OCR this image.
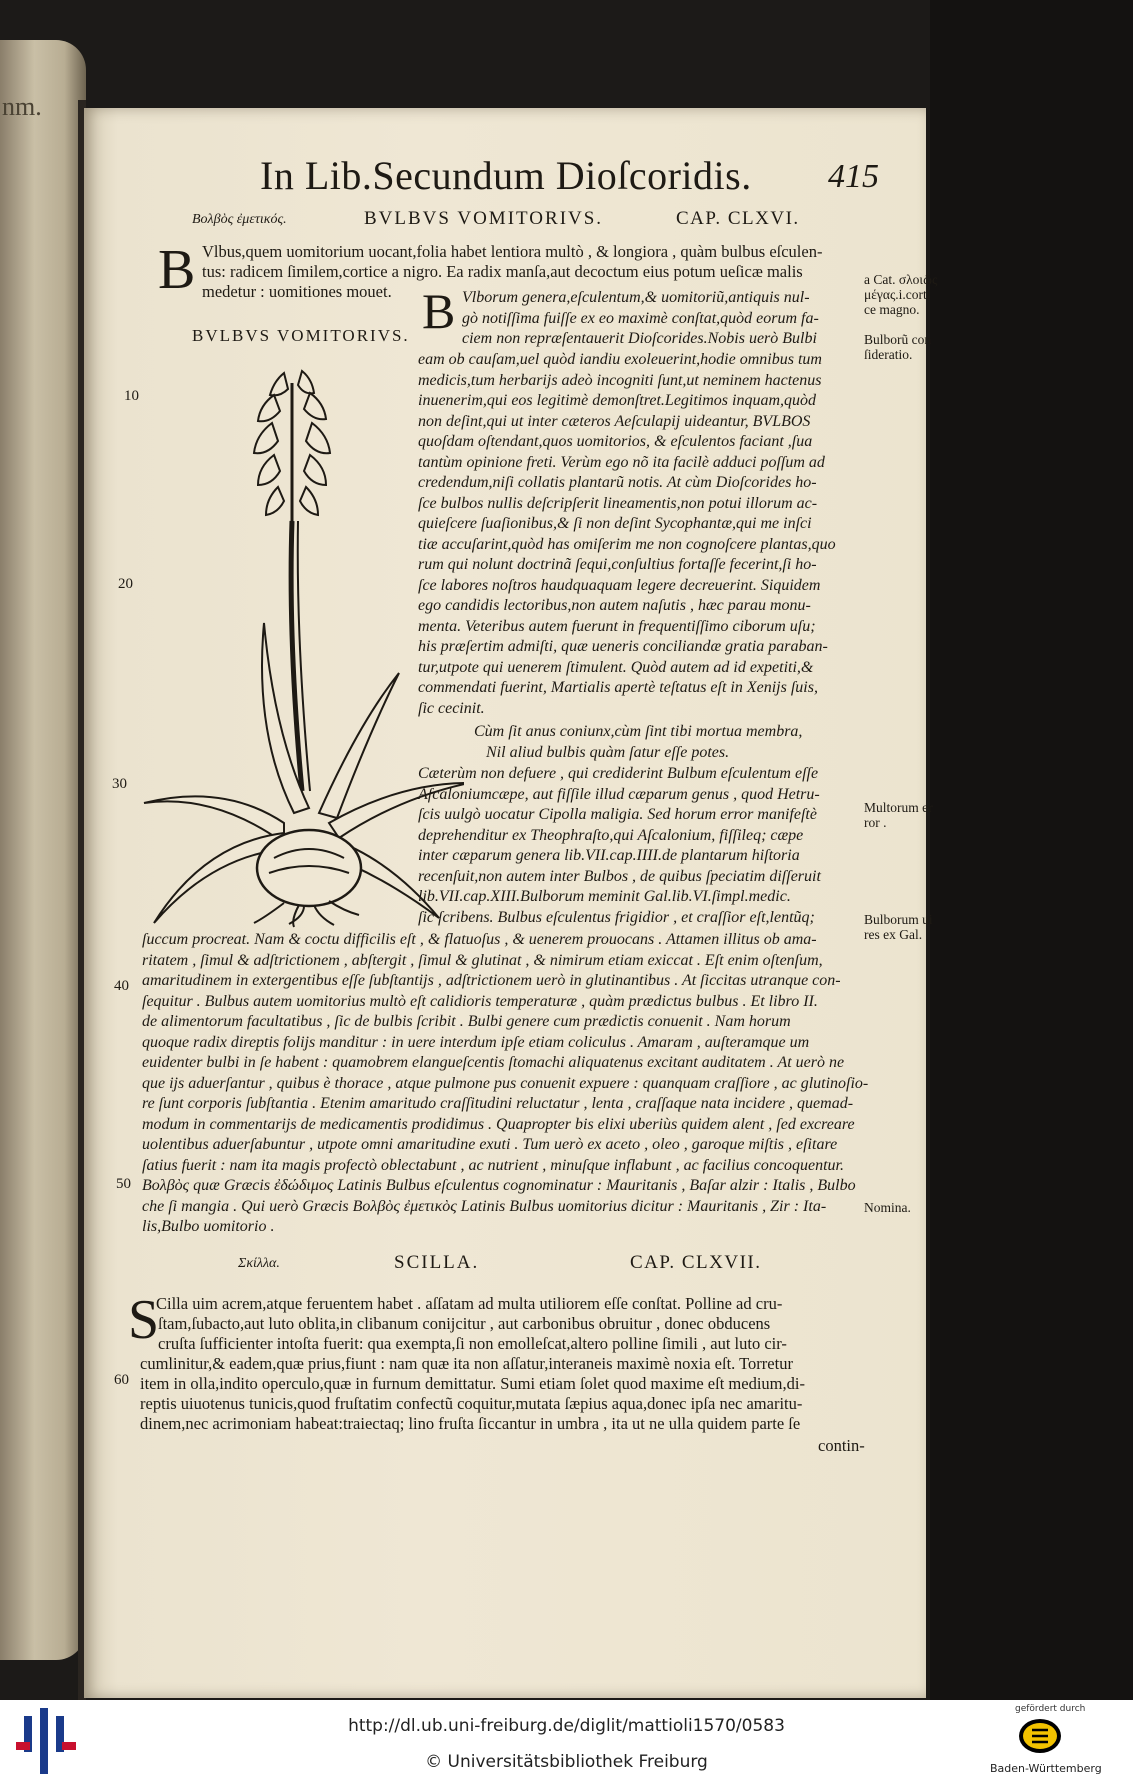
nm.
In Lib.Secundum Dioſcoridis. 415
Βολβὸς ἐμετικός.	BVLBVS VOMITORIVS.	CAP. CLXVI.
B Vlbus,quem uomitorium uocant,folia habet lentiora multò , & longiora , quàm bulbus eſculen-
tus: radicem ſimilem,cortice a nigro. Ea radix manſa,aut decoctum eius potum ueſicæ malis
medetur : uomitiones mouet.
BVLBVS VOMITORIVS. B Vlborum genera,eſculentum,& uomitoriũ,antiquis nul-
gò notiſſima fuiſſe ex eo maximè conſtat,quòd eorum fa-
ciem non repræſentauerit Dioſcorides.Nobis uerò Bulbi
eam ob cauſam,uel quòd iandiu exoleuerint,hodie omnibus tum
medicis,tum herbarijs adeò incogniti ſunt,ut neminem hactenus
inuenerim,qui eos legitimè demonſtret.Legitimos inquam,quòd
non deſint,qui ut inter cæteros Aeſculapij uideantur, BVLBOS
quoſdam oſtendant,quos uomitorios, & eſculentos faciant ,ſua
tantùm opinione freti. Verùm ego nõ ita facilè adduci poſſum ad
credendum,niſi collatis plantarũ notis. At cùm Dioſcorides ho-
ſce bulbos nullis deſcripſerit lineamentis,non potui illorum ac-
quieſcere ſuaſionibus,& ſi non deſint Sycophantæ,qui me inſci
tiæ accuſarint,quòd has omiſerim me non cognoſcere plantas,quo
rum qui nolunt doctrinã ſequi,conſultius fortaſſe fecerint,ſi ho-
ſce labores noſtros haudquaquam legere decreuerint. Siquidem
ego candidis lectoribus,non autem naſutis , hæc parau monu-
menta. Veteribus autem fuerunt in frequentiſſimo ciborum uſu;
his præſertim admiſti, quæ ueneris conciliandæ gratia paraban-
tur,utpote qui uenerem ſtimulent. Quòd autem ad id expetiti,&
commendati fuerint, Martialis apertè teſtatus eſt in Xenijs ſuis,
ſic cecinit.
Cùm ſit anus coniunx,cùm ſint tibi mortua membra,
Nil aliud bulbis quàm ſatur eſſe potes.
Cæterùm non defuere , qui crediderint Bulbum eſculentum eſſe
Aſcaloniumcæpe, aut fiſſile illud cæparum genus , quod Hetru-
ſcis uulgò uocatur Cipolla maligia. Sed horum error manifeſtè
deprehenditur ex Theophraſto,qui Aſcalonium, fiſſileq; cæpe
inter cæparum genera lib.VII.cap.IIII.de plantarum hiſtoria
recenſuit,non autem inter Bulbos , de quibus ſpeciatim diſſeruit
lib.VII.cap.XIII.Bulborum meminit Gal.lib.VI.ſimpl.medic.
ſic ſcribens. Bulbus eſculentus frigidior , et craſſior eſt,lentũq;
ſuccum procreat. Nam & coctu difficilis eſt , & flatuoſus , & uenerem prouocans . Attamen illitus ob ama-
ritatem , ſimul & adſtrictionem , abſtergit , ſimul & glutinat , & nimirum etiam exiccat . Eſt enim oſtenſum,
amaritudinem in extergentibus eſſe ſubſtantijs , adſtrictionem uerò in glutinantibus . At ſiccitas utranque con-
ſequitur . Bulbus autem uomitorius multò eſt calidioris temperaturæ , quàm prædictus bulbus . Et libro II.
de alimentorum facultatibus , ſic de bulbis ſcribit . Bulbi genere cum prædictis conuenit . Nam horum
quoque radix direptis folijs manditur : in uere interdum ipſe etiam coliculus . Amaram , auſteramque um
euidenter bulbi in ſe habent : quamobrem elangueſcentis ſtomachi aliquatenus excitant auditatem . At uerò ne
que ijs aduerſantur , quibus è thorace , atque pulmone pus conuenit expuere : quanquam craſſiore , ac glutinoſio-
re ſunt corporis ſubſtantia . Etenim amaritudo craſſitudini reluctatur , lenta , craſſaque nata incidere , quemad-
modum in commentarijs de medicamentis prodidimus . Quapropter bis elixi uberiùs quidem alent , ſed excreare
uolentibus aduerſabuntur , utpote omni amaritudine exuti . Tum uerò ex aceto , oleo , garoque miſtis , eſitare
ſatius fuerit : nam ita magis profectò oblectabunt , ac nutrient , minuſque inflabunt , ac facilius concoquentur.
Βολβὸς quæ Græcis ἐδώδιμος Latinis Bulbus eſculentus cognominatur : Mauritanis , Baſar alzir : Italis , Bulbo
che ſi mangia . Qui uerò Græcis Βολβὸς ἐμετικὸς Latinis Bulbus uomitorius dicitur : Mauritanis , Zir : Ita-
lis,Bulbo uomitorio .
Σκίλλα.	SCILLA.	CAP. CLXVII.
S
Cilla uim acrem,atque feruentem habet . aſſatam ad multa utiliorem eſſe conſtat. Polline ad cru-
ſtam,ſubacto,aut luto oblita,in clibanum conijcitur , aut carbonibus obruitur , donec obducens
cruſta ſufficienter intoſta fuerit: qua exempta,ſi non emolleſcat,altero polline ſimili , aut luto cir-
cumlinitur,& eadem,quæ prius,fiunt : nam quæ ita non aſſatur,interaneis maximè noxia eſt. Torretur
item in olla,indito operculo,quæ in furnum demittatur. Sumi etiam ſolet quod maxime eſt medium,di-
reptis uiuotenus tunicis,quod fruſtatim confectũ coquitur,mutata ſæpius aqua,donec ipſa nec amaritu-
dinem,nec acrimoniam habeat:traiectaq; lino fruſta ſiccantur in umbra , ita ut ne ulla quidem parte ſe
contin-
a Cat. σλοιῶς
μέγας.i.corti
ce magno.
Bulborũ con
ſideratio.
Multorum er
ror .
Bulborum ui
res ex Gal.
Nomina.
10
20
30
40
50
60
http://dl.ub.uni-freiburg.de/diglit/mattioli1570/0583
© Universitätsbibliothek Freiburg
gefördert durch
Baden-Württemberg
